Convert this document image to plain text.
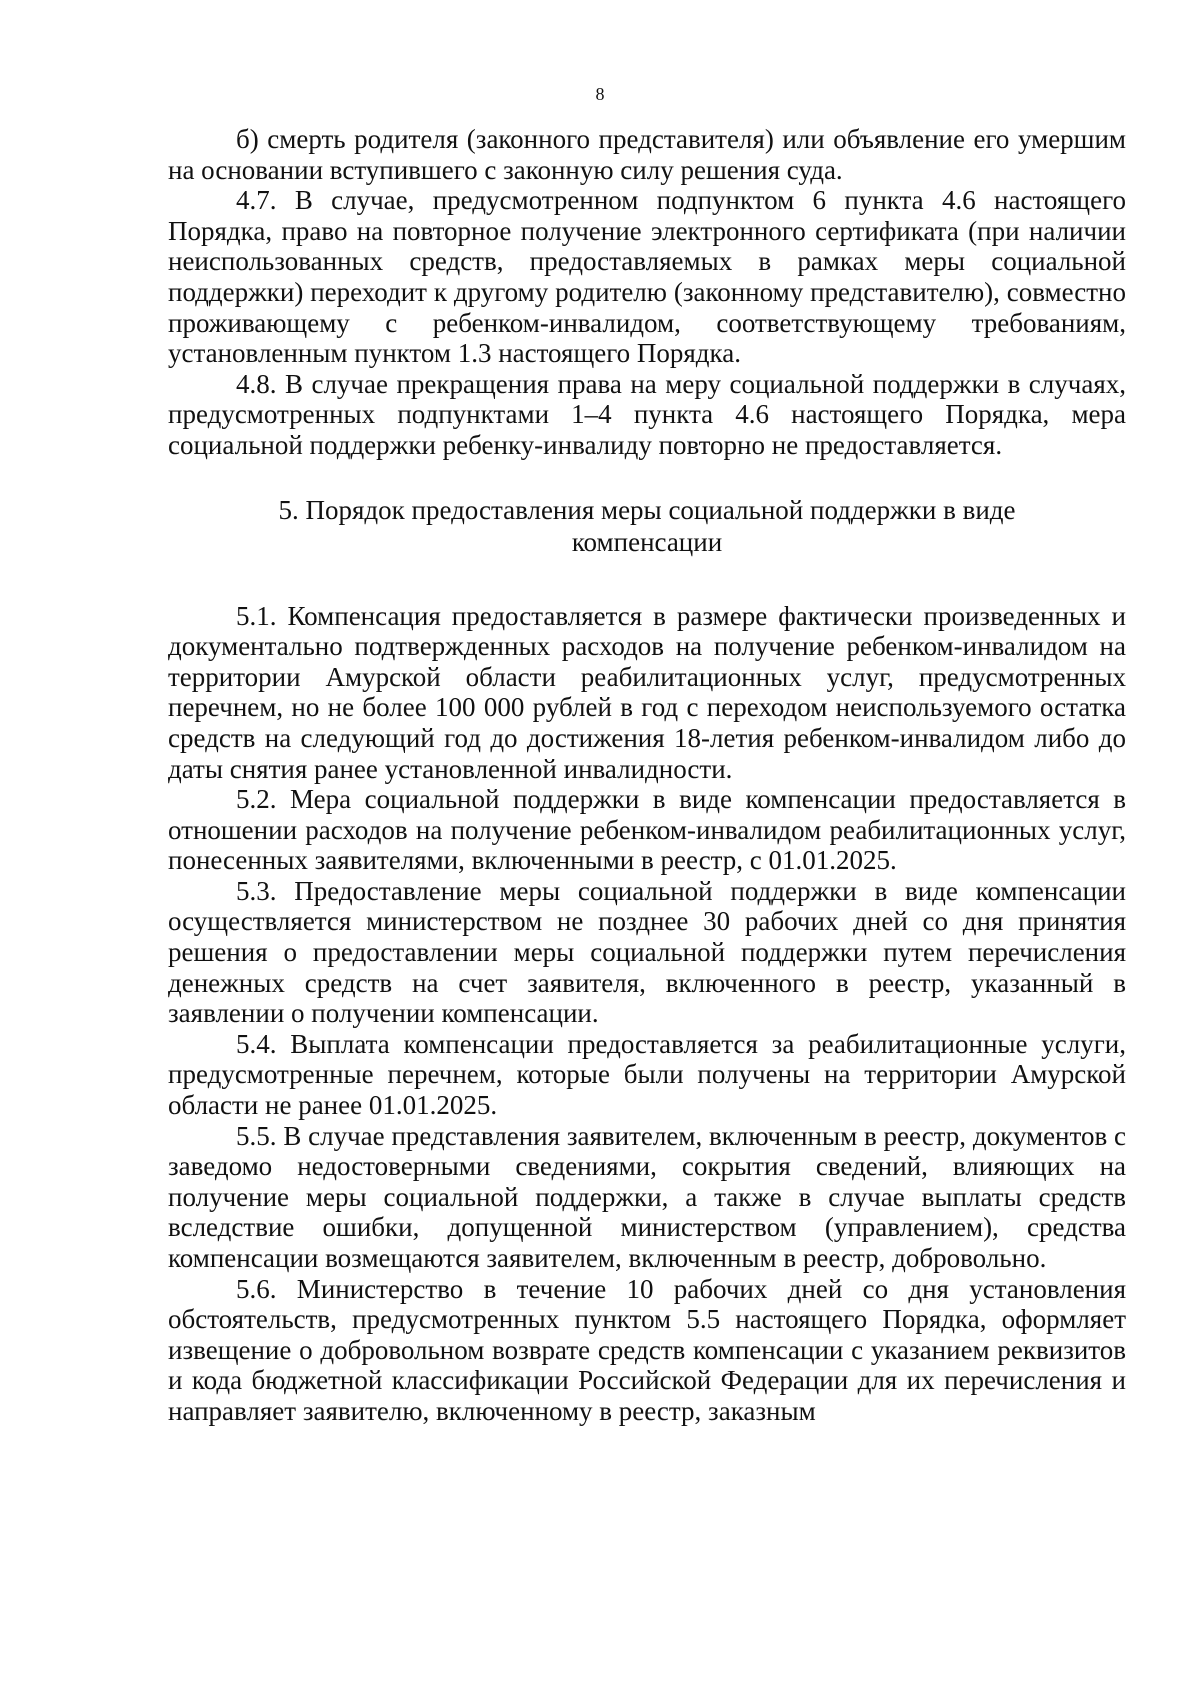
8

б) смерть родителя (законного представителя) или объявление его умершим на основании вступившего с законную силу решения суда.

4.7. В случае, предусмотренном подпунктом 6 пункта 4.6 настоящего Порядка, право на повторное получение электронного сертификата (при наличии неиспользованных средств, предоставляемых в рамках меры социальной поддержки) переходит к другому родителю (законному представителю), совместно проживающему с ребенком-инвалидом, соответствующему требованиям, установленным пунктом 1.3 настоящего Порядка.

4.8. В случае прекращения права на меру социальной поддержки в случаях, предусмотренных подпунктами 1–4 пункта 4.6 настоящего Порядка, мера социальной поддержки ребенку-инвалиду повторно не предоставляется.

5. Порядок предоставления меры социальной поддержки в виде
компенсации

5.1. Компенсация предоставляется в размере фактически произведенных и документально подтвержденных расходов на получение ребенком-инвалидом на территории Амурской области реабилитационных услуг, предусмотренных перечнем, но не более 100 000 рублей в год с переходом неиспользуемого остатка средств на следующий год до достижения 18-летия ребенком-инвалидом либо до даты снятия ранее установленной инвалидности.

5.2. Мера социальной поддержки в виде компенсации предоставляется в отношении расходов на получение ребенком-инвалидом реабилитационных услуг, понесенных заявителями, включенными в реестр, с 01.01.2025.

5.3. Предоставление меры социальной поддержки в виде компенсации осуществляется министерством не позднее 30 рабочих дней со дня принятия решения о предоставлении меры социальной поддержки путем перечисления денежных средств на счет заявителя, включенного в реестр, указанный в заявлении о получении компенсации.

5.4. Выплата компенсации предоставляется за реабилитационные услуги, предусмотренные перечнем, которые были получены на территории Амурской области не ранее 01.01.2025.

5.5. В случае представления заявителем, включенным в реестр, документов с заведомо недостоверными сведениями, сокрытия сведений, влияющих на получение меры социальной поддержки, а также в случае выплаты средств вследствие ошибки, допущенной министерством (управлением), средства компенсации возмещаются заявителем, включенным в реестр, добровольно.

5.6. Министерство в течение 10 рабочих дней со дня установления обстоятельств, предусмотренных пунктом 5.5 настоящего Порядка, оформляет извещение о добровольном возврате средств компенсации с указанием реквизитов и кода бюджетной классификации Российской Федерации для их перечисления и направляет заявителю, включенному в реестр, заказным
